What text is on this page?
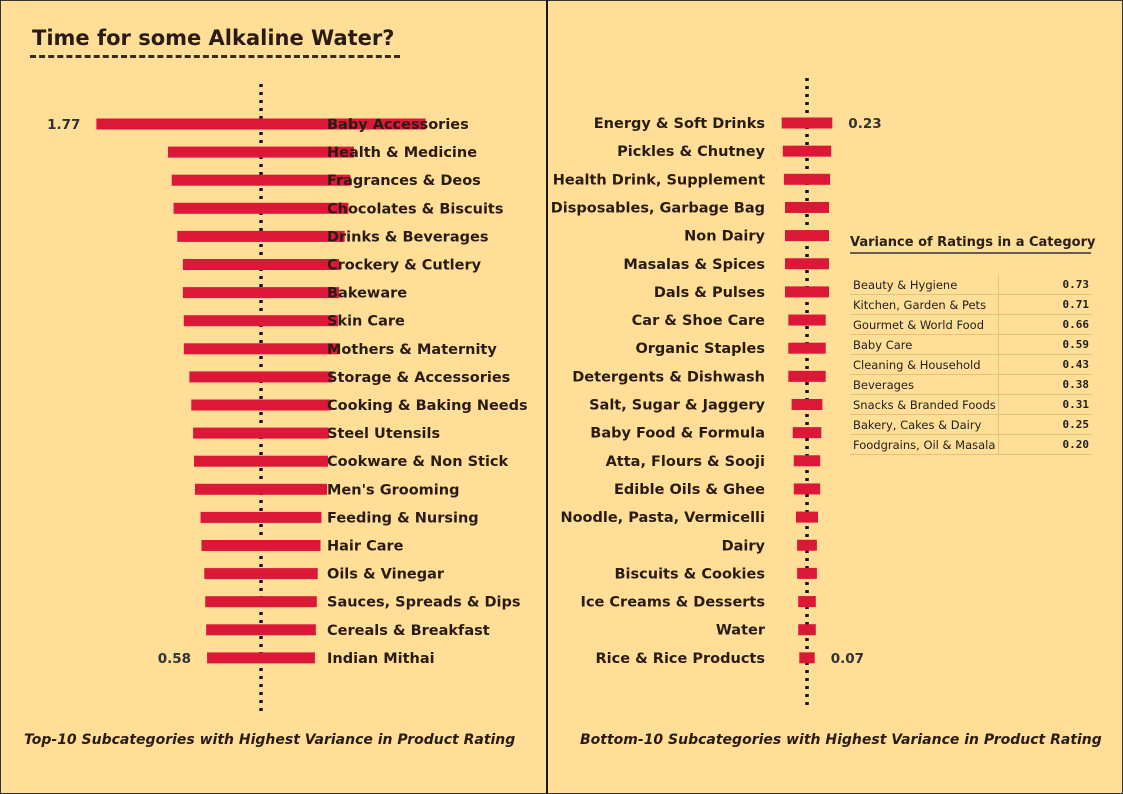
Time for some Alkaline Water?
Baby Accessories
1.77
Health & Medicine
Fragrances & Deos
Chocolates & Biscuits
Drinks & Beverages
Crockery & Cutlery
Bakeware
Skin Care
Mothers & Maternity
Storage & Accessories
Cooking & Baking Needs
Steel Utensils
Cookware & Non Stick
Men's Grooming
Feeding & Nursing
Hair Care
Oils & Vinegar
Sauces, Spreads & Dips
Cereals & Breakfast
Indian Mithai
0.58
Energy & Soft Drinks	0.23
Pickles & Chutney
Health Drink, Supplement
Disposables, Garbage Bag
Non Dairy
Masalas & Spices
Dals & Pulses
Car & Shoe Care
Organic Staples
Detergents & Dishwash
Salt, Sugar & Jaggery
Baby Food & Formula
Atta, Flours & Sooji
Edible Oils & Ghee
Noodle, Pasta, Vermicelli
Dairy
Biscuits & Cookies
Ice Creams & Desserts
Water
Rice & Rice Products	0.07
Top-10 Subcategories with Highest Variance in Product Rating	Bottom-10 Subcategories with Highest Variance in Product Rating
Variance of Ratings in a Category
Beauty & Hygiene	0.73
Kitchen, Garden & Pets	0.71
Gourmet & World Food	0.66
Baby Care	0.59
Cleaning & Household	0.43
Beverages	0.38
Snacks & Branded Foods	0.31
Bakery, Cakes & Dairy	0.25
Foodgrains, Oil & Masala	0.20
